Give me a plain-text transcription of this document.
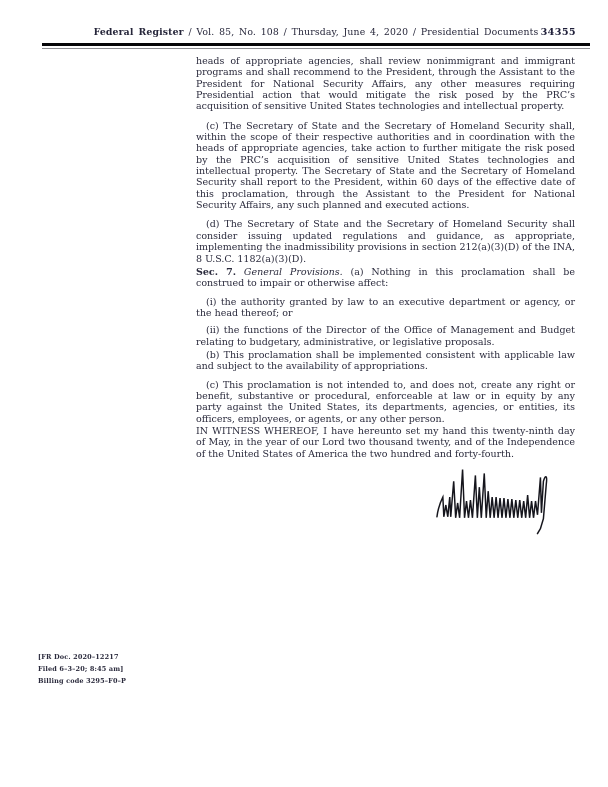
Federal Register / Vol. 85, No. 108 / Thursday, June 4, 2020 / Presidential Documents 34355

heads of appropriate agencies, shall review nonimmigrant and immigrant programs and shall recommend to the President, through the Assistant to the President for National Security Affairs, any other measures requiring Presidential action that would mitigate the risk posed by the PRC’s acquisition of sensitive United States technologies and intellectual property.

(c) The Secretary of State and the Secretary of Homeland Security shall, within the scope of their respective authorities and in coordination with the heads of appropriate agencies, take action to further mitigate the risk posed by the PRC’s acquisition of sensitive United States technologies and intellectual property. The Secretary of State and the Secretary of Homeland Security shall report to the President, within 60 days of the effective date of this proclamation, through the Assistant to the President for National Security Affairs, any such planned and executed actions.

(d) The Secretary of State and the Secretary of Homeland Security shall consider issuing updated regulations and guidance, as appropriate, implementing the inadmissibility provisions in section 212(a)(3)(D) of the INA, 8 U.S.C. 1182(a)(3)(D).

Sec. 7. General Provisions. (a) Nothing in this proclamation shall be construed to impair or otherwise affect:

(i) the authority granted by law to an executive department or agency, or the head thereof; or

(ii) the functions of the Director of the Office of Management and Budget relating to budgetary, administrative, or legislative proposals.

(b) This proclamation shall be implemented consistent with applicable law and subject to the availability of appropriations.

(c) This proclamation is not intended to, and does not, create any right or benefit, substantive or procedural, enforceable at law or in equity by any party against the United States, its departments, agencies, or entities, its officers, employees, or agents, or any other person.

IN WITNESS WHEREOF, I have hereunto set my hand this twenty-ninth day of May, in the year of our Lord two thousand twenty, and of the Independence of the United States of America the two hundred and forty-fourth.

[FR Doc. 2020–12217
Filed 6–3–20; 8:45 am]
Billing code 3295–F0–P
